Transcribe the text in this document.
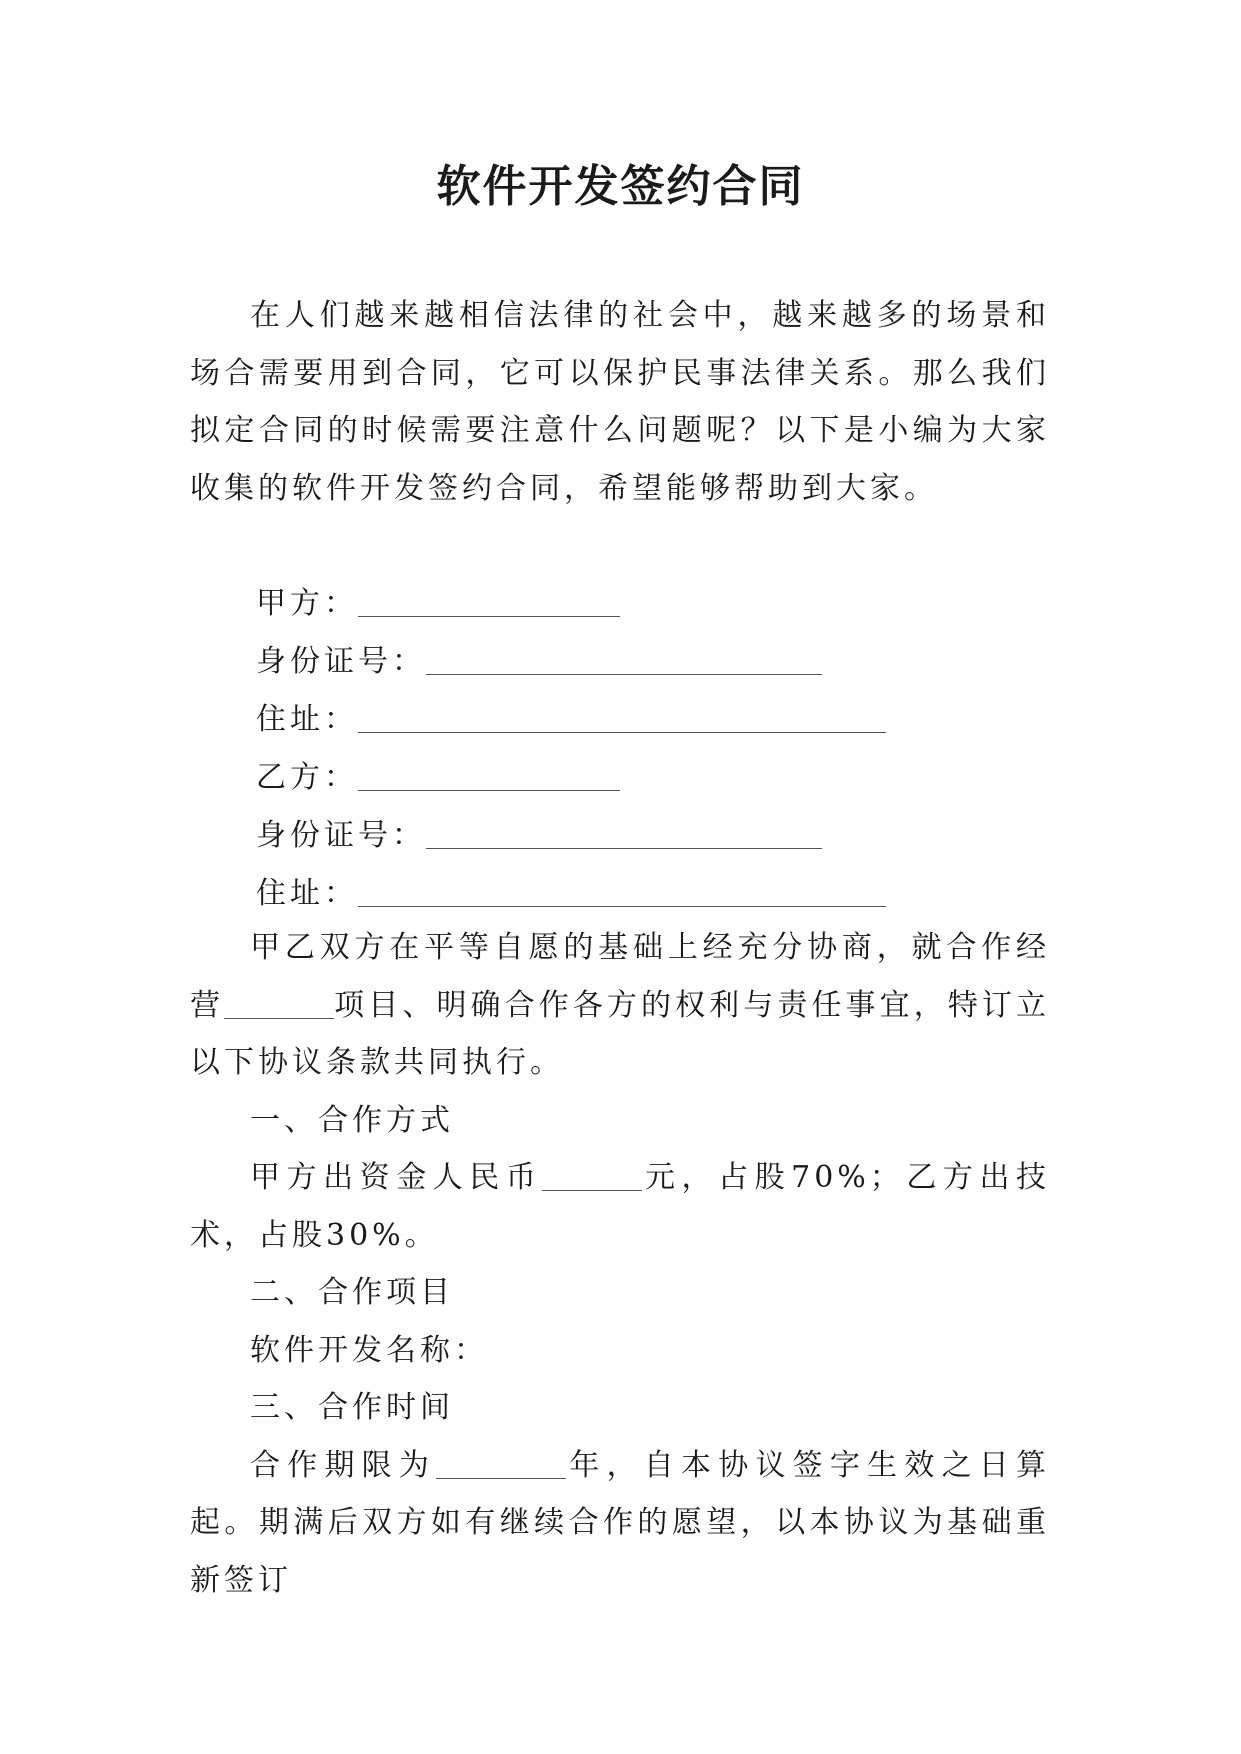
软件开发签约合同

在人们越来越相信法律的社会中，越来越多的场景和场合需要用到合同，它可以保护民事法律关系。那么我们拟定合同的时候需要注意什么问题呢？以下是小编为大家收集的软件开发签约合同，希望能够帮助到大家。

甲方：
身份证号：
住址：
乙方：
身份证号：
住址：

甲乙双方在平等自愿的基础上经充分协商，就合作经营	项目、明确合作各方的权利与责任事宜，特订立以下协议条款共同执行。

一、合作方式

甲方出资金人民币	元，占股70%；乙方出技术，占股30%。

二、合作项目

软件开发名称：

三、合作时间

合作期限为	年，自本协议签字生效之日算起。期满后双方如有继续合作的愿望，以本协议为基础重新签订
